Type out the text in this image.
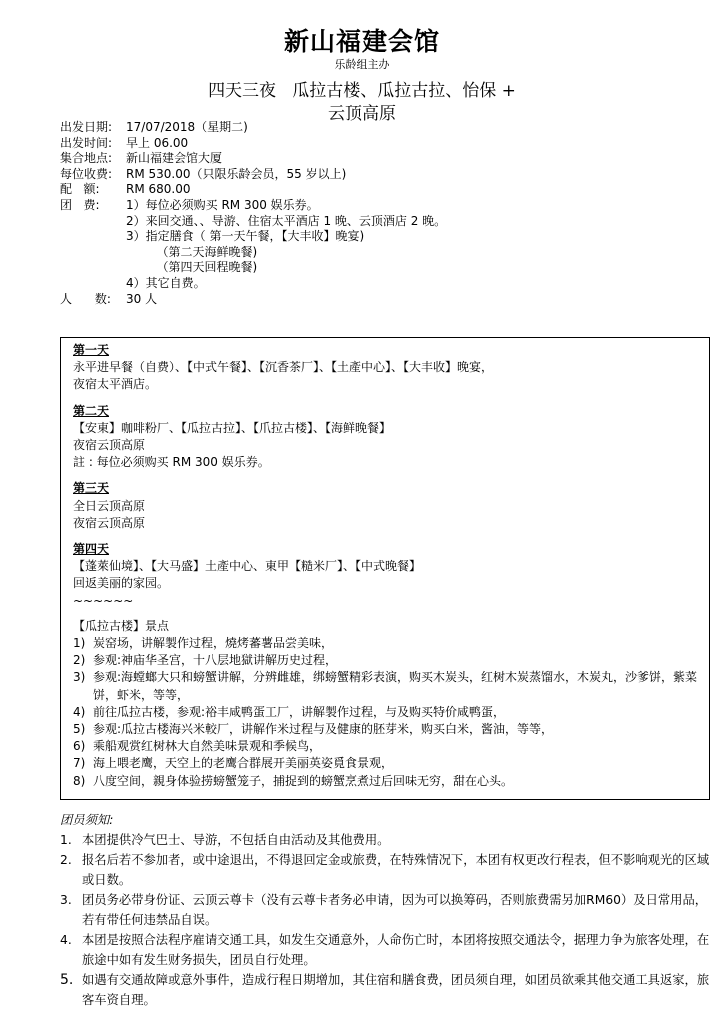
新山福建会馆
乐龄组主办
四天三夜   瓜拉古楼、瓜拉古拉、怡保 +
云顶高原
出发日期: 17/07/2018（星期二)
出发时间: 早上 06.00
集合地点: 新山福建会馆大厦
每位收费: RM 530.00（只限乐龄会员，55 岁以上)
配   额: RM 680.00
团   费: 1）每位必须购买 RM 300 娱乐券。
2）来回交通、、导游、住宿太平酒店 1 晚、云顶酒店 2 晚。
3）指定膳食（ 第一天午餐，【大丰收】晚宴)
（第二天海鲜晚餐)
（第四天回程晚餐)
4）其它自费。
人      数: 30 人
第一天
永平进早餐（自费）、【中式午餐】、【沉香茶厂】、【土產中心】、【大丰收】晚宴，
夜宿太平酒店。
第二天
【安東】咖啡粉厂、【瓜拉古拉】、【爪拉古楼】、【海鲜晚餐】
夜宿云顶高原
註 : 每位必须购买 RM 300 娱乐券。
第三天
全日云顶高原
夜宿云顶高原
第四天
【蓬萊仙境】、【大马盛】土產中心、東甲【糙米厂】、【中式晚餐】
回返美丽的家园。
~~~~~~
【瓜拉古楼】景点
1) 炭窑场，讲解製作过程，燒烤蕃薯品尝美味，
2) 参观:神庙华圣宫，十八层地獄讲解历史过程，
3) 参观:海螳螂大只和螃蟹讲解，分辨雌雄，绑螃蟹精彩表演，购买木炭头，红树木炭蒸馏水，木炭丸，沙爹饼，紫菜饼，虾米，等等，
4) 前往瓜拉古楼，参观:裕丰咸鸭蛋工厂，讲解製作过程，与及购买特价咸鸭蛋，
5) 参观:瓜拉古楼海兴米較厂，讲解作米过程与及健康的胚芽米，购买白米，酱油，等等，
6) 乘船观赏红树林大自然美味景观和季候鸟，
7) 海上喂老鹰，天空上的老鹰合群展开美丽英姿覓食景观，
8) 八度空间，親身体验捞螃蟹笼子，捕捉到的螃蟹烹煮过后回味无穷，甜在心头。
团员须知:
1. 本团提供冷气巴士、导游，不包括自由活动及其他费用。
2. 报名后若不参加者，或中途退出，不得退回定金或旅费，在特殊情况下，本团有权更改行程表，但不影响观光的区域或日数。
3. 团员务必带身份证、云顶云尊卡（没有云尊卡者务必申请，因为可以换筹码，否则旅费需另加RM60）及日常用品，若有带任何违禁品自误。
4. 本团是按照合法程序雇请交通工具，如发生交通意外，人命伤亡时，本团将按照交通法令，据理力争为旅客处理，在旅途中如有发生财务损失，团员自行处理。
5. 如遇有交通故障或意外事件，造成行程日期增加，其住宿和膳食费，团员须自理，如团员欲乘其他交通工具返家，旅客车资自理。
